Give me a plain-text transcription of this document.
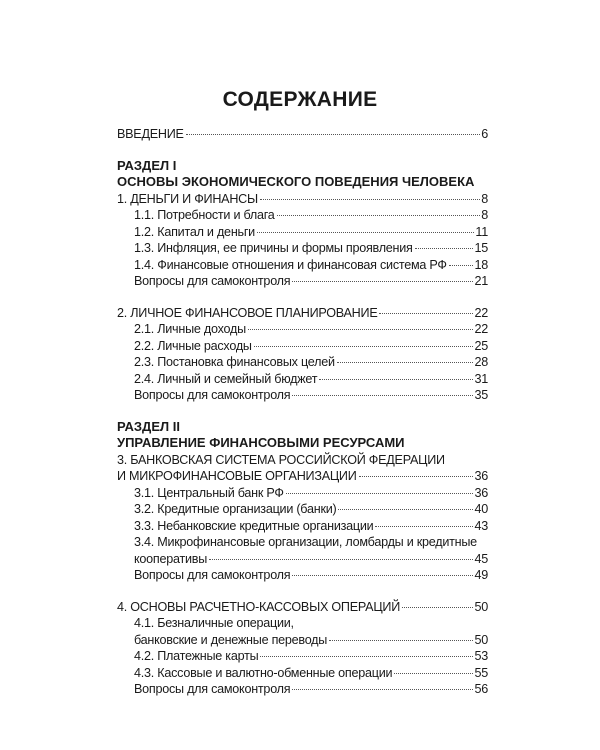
СОДЕРЖАНИЕ
ВВЕДЕНИЕ	6
РАЗДЕЛ I
ОСНОВЫ ЭКОНОМИЧЕСКОГО ПОВЕДЕНИЯ ЧЕЛОВЕКА
1. ДЕНЬГИ И ФИНАНСЫ	8
1.1. Потребности и блага	8
1.2. Капитал и деньги	11
1.3. Инфляция, ее причины и формы проявления	15
1.4. Финансовые отношения и финансовая система РФ 18
Вопросы для самоконтроля	21
2. ЛИЧНОЕ ФИНАНСОВОЕ ПЛАНИРОВАНИЕ	22
2.1. Личные доходы	22
2.2. Личные расходы	25
2.3. Постановка финансовых целей	28
2.4. Личный и семейный бюджет	31
Вопросы для самоконтроля	35
РАЗДЕЛ II
УПРАВЛЕНИЕ ФИНАНСОВЫМИ РЕСУРСАМИ
3. БАНКОВСКАЯ СИСТЕМА РОССИЙСКОЙ ФЕДЕРАЦИИ
И МИКРОФИНАНСОВЫЕ ОРГАНИЗАЦИИ	36
3.1. Центральный банк РФ	36
3.2. Кредитные организации (банки)	40
3.3. Небанковские кредитные организации	43
3.4. Микрофинансовые организации, ломбарды и кредитные
кооперативы	45
Вопросы для самоконтроля	49
4. ОСНОВЫ РАСЧЕТНО-КАССОВЫХ ОПЕРАЦИЙ	50
4.1. Безналичные операции,
банковские и денежные переводы	50
4.2. Платежные карты	53
4.3. Кассовые и валютно-обменные операции	55
Вопросы для самоконтроля	56
